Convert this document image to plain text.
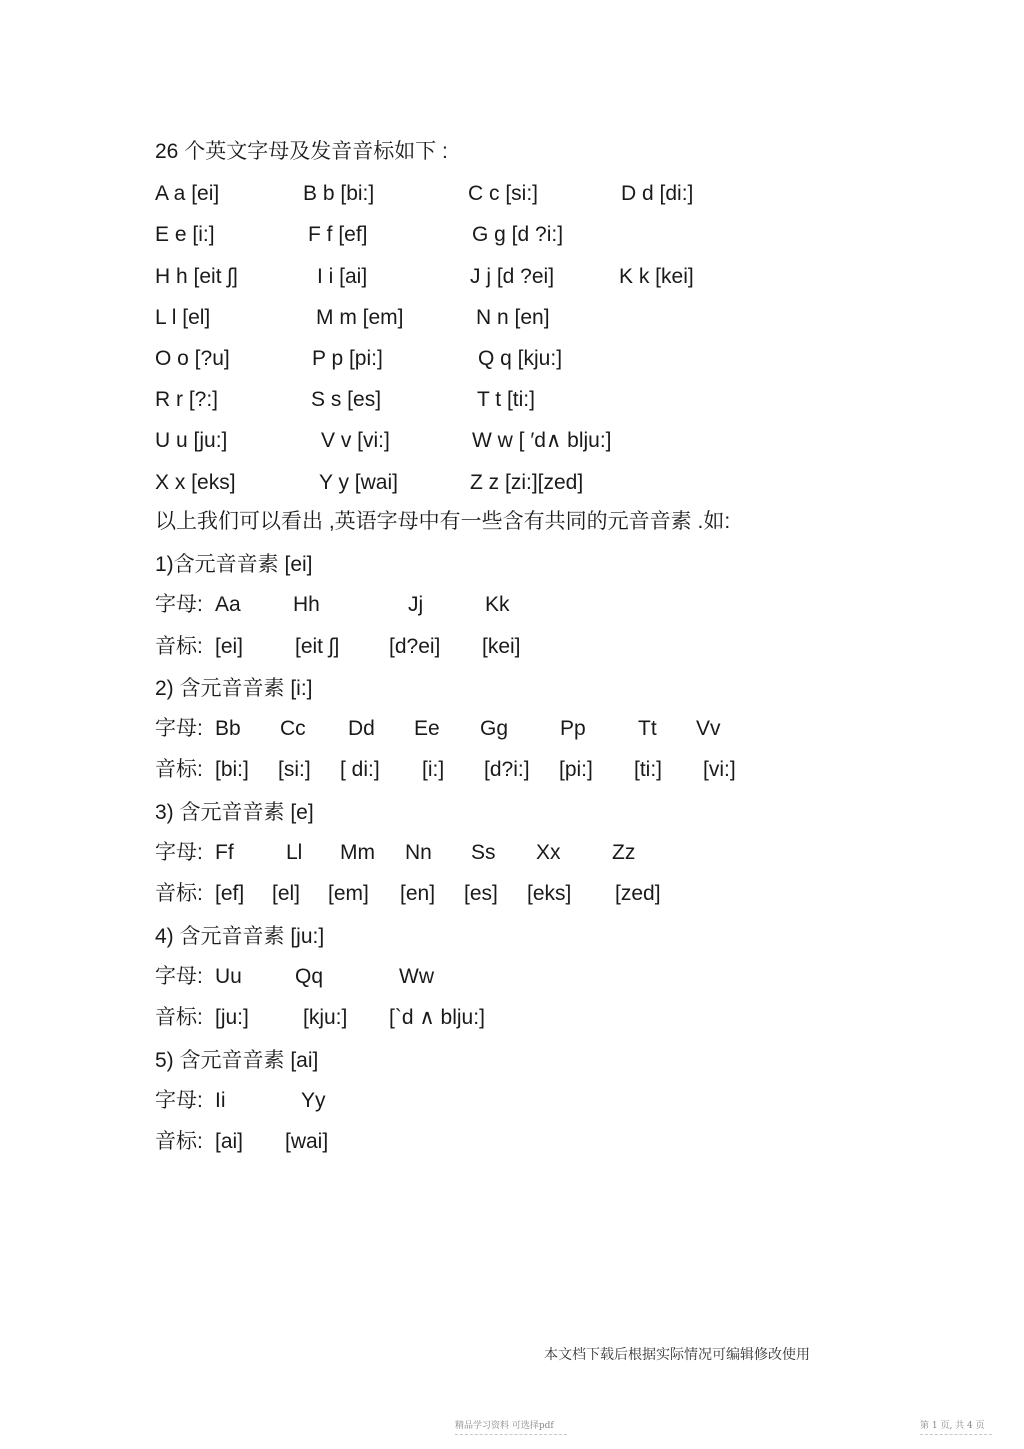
26 个英文字母及发音音标如下 :
A a [ei]	B b [bi:]	C c [si:]	D d [di:]
E e [i:]	F f [ef]	G g [d ?i:]
H h [eit ʃ]	I i [ai]	J j [d ?ei]	K k [kei]
L l [el]	M m [em]	N n [en]
O o [?u]	P p [pi:]	Q q [kju:]
R r [?:]	S s [es]	T t [ti:]
U u [ju:]	V v [vi:]	W w [ ′d∧ blju:]
X x [eks]	Y y [wai]	Z z [zi:][zed]
以上我们可以看出 ,英语字母中有一些含有共同的元音音素 .如:
1)含元音音素 [ei]
字母: Aa Hh	Jj	Kk
音标: [ei] [eit ʃ] [d?ei] [kei]
2) 含元音音素 [i:]
字母: Bb Cc Dd Ee Gg Pp Tt Vv
音标: [bi:] [si:] [ di:] [i:] [d?i:] [pi:] [ti:] [vi:]
3) 含元音音素 [e]
字母: Ff Ll Mm Nn Ss Xx Zz
音标: [ef] [el] [em] [en] [es] [eks] [zed]
4) 含元音音素 [ju:]
字母: Uu	Qq	Ww
音标: [ju:]	[kju:] [`d ∧ blju:]
5) 含元音音素 [ai]
字母: Ii	Yy
音标: [ai] [wai]
本文档下载后根据实际情况可编辑修改使用
精品学习资料 可选择pdf	第 1 页, 共 4 页
